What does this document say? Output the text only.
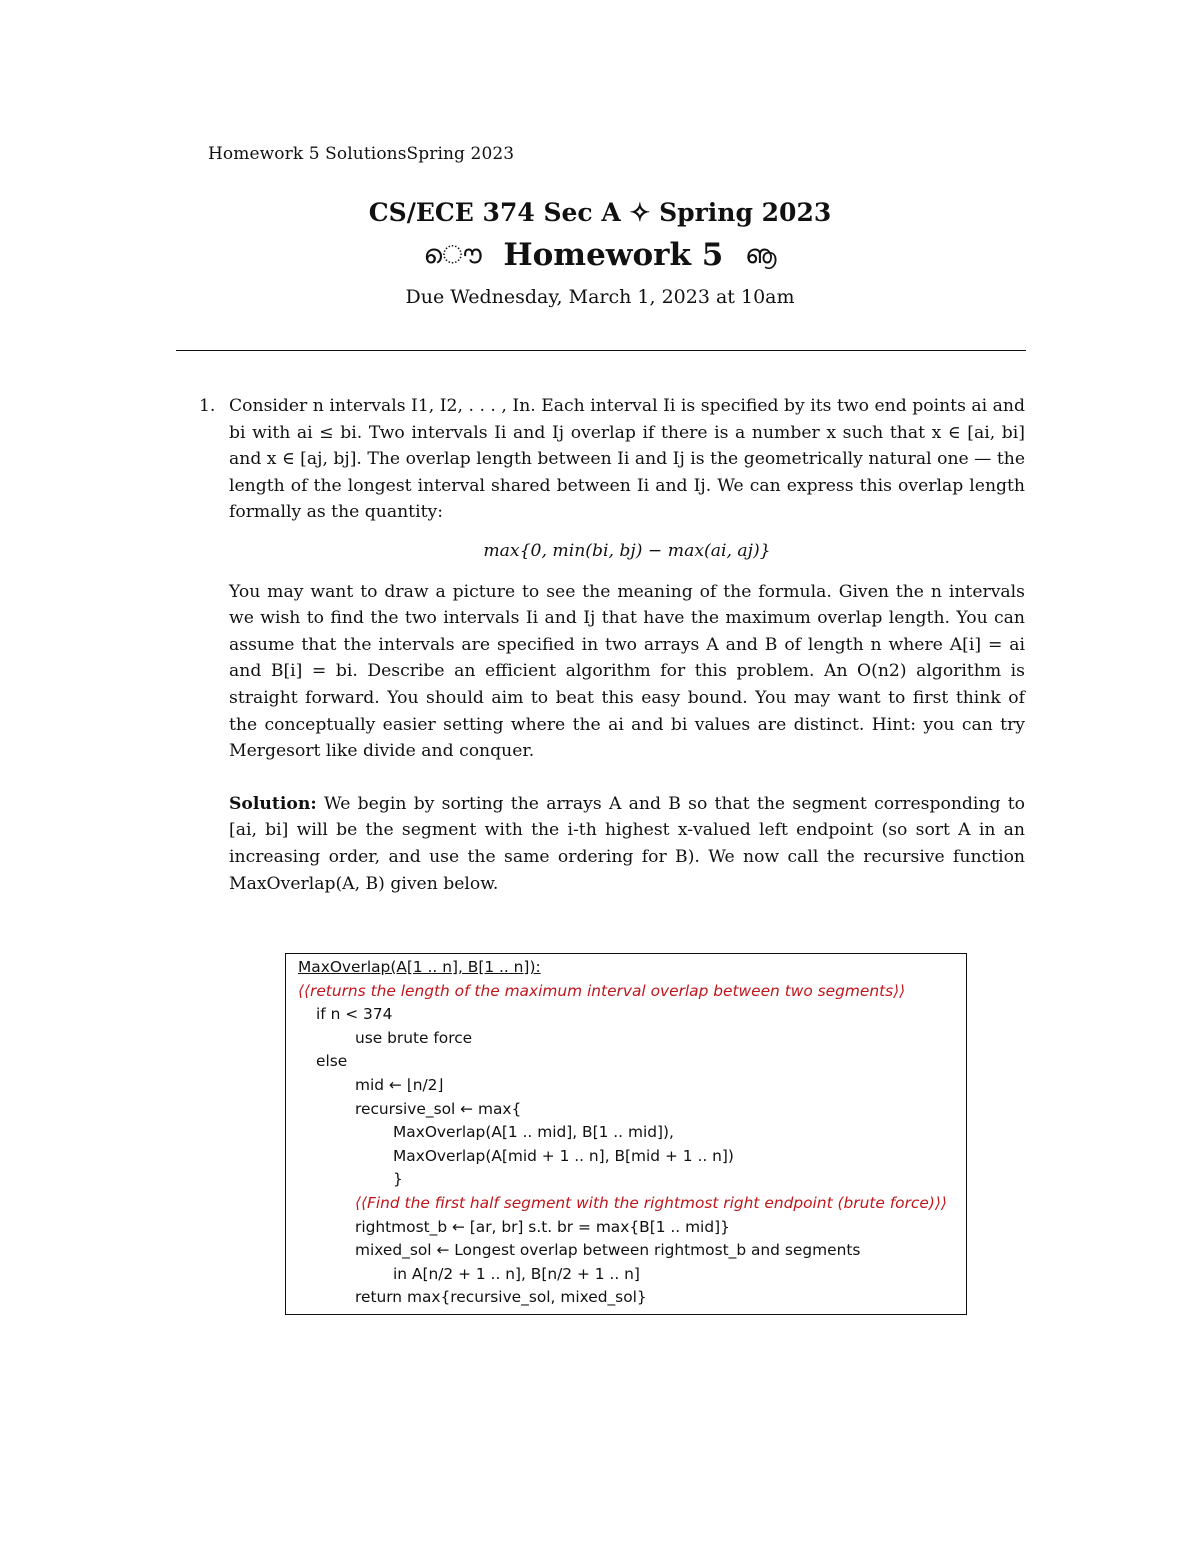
Homework 5 SolutionsSpring 2023
CS/ECE 374 Sec A ✧ Spring 2023
ൌ Homework 5 ൡ
Due Wednesday, March 1, 2023 at 10am
1. Consider n intervals I1, I2, . . . , In. Each interval Ii is specified by its two end points ai and bi with ai ≤ bi. Two intervals Ii and Ij overlap if there is a number x such that x ∈ [ai, bi] and x ∈ [aj, bj]. The overlap length between Ii and Ij is the geometrically natural one — the length of the longest interval shared between Ii and Ij. We can express this overlap length formally as the quantity:

max{0, min(bi, bj) − max(ai, aj)}

You may want to draw a picture to see the meaning of the formula. Given the n intervals we wish to find the two intervals Ii and Ij that have the maximum overlap length. You can assume that the intervals are specified in two arrays A and B of length n where A[i] = ai and B[i] = bi. Describe an efficient algorithm for this problem. An O(n2) algorithm is straight forward. You should aim to beat this easy bound. You may want to first think of the conceptually easier setting where the ai and bi values are distinct. Hint: you can try Mergesort like divide and conquer.

Solution: We begin by sorting the arrays A and B so that the segment corresponding to [ai, bi] will be the segment with the i-th highest x-valued left endpoint (so sort A in an increasing order, and use the same ordering for B). We now call the recursive function MaxOverlap(A, B) given below.

MaxOverlap(A[1 .. n], B[1 .. n]):
⟨⟨returns the length of the maximum interval overlap between two segments⟩⟩
if n < 374
use brute force
else
mid ← ⌊n/2⌋
recursive_sol ← max{
MaxOverlap(A[1 .. mid], B[1 .. mid]),
MaxOverlap(A[mid + 1 .. n], B[mid + 1 .. n])
}
⟨⟨Find the first half segment with the rightmost right endpoint (brute force)⟩⟩
rightmost_b ← [ar, br] s.t. br = max{B[1 .. mid]}
mixed_sol ← Longest overlap between rightmost_b and segments
in A[n/2 + 1 .. n], B[n/2 + 1 .. n]
return max{recursive_sol, mixed_sol}
